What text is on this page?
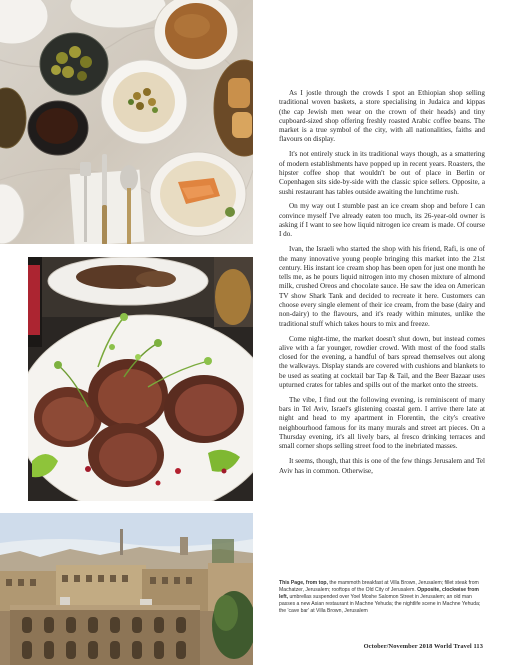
As I jostle through the crowds I spot an Ethiopian shop selling traditional woven baskets, a store specialising in Judaica and kippas (the cap Jewish men wear on the crown of their heads) and tiny cupboard-sized shop offering freshly roasted Arabic coffee beans. The market is a true symbol of the city, with all nationalities, faiths and flavours on display.

It's not entirely stuck in its traditional ways though, as a smattering of modern establishments have popped up in recent years. Roasters, the hipster coffee shop that wouldn't be out of place in Berlin or Copenhagen sits side-by-side with the classic spice sellers. Opposite, a sushi restaurant has tables outside awaiting the lunchtime rush.

On my way out I stumble past an ice cream shop and before I can convince myself I've already eaten too much, its 26-year-old owner is asking if I want to see how liquid nitrogen ice cream is made. Of course I do.

Ivan, the Israeli who started the shop with his friend, Rafi, is one of the many innovative young people bringing this market into the 21st century. His instant ice cream shop has been open for just one month he tells me, as he pours liquid nitrogen into my chosen mixture of almond milk, crushed Oreos and chocolate sauce. He saw the idea on American TV show Shark Tank and decided to recreate it here. Customers can choose every single element of their ice cream, from the base (dairy and non-dairy) to the flavours, and it's ready within minutes, unlike the traditional stuff which takes hours to mix and freeze.

Come night-time, the market doesn't shut down, but instead comes alive with a far younger, rowdier crowd. With most of the food stalls closed for the evening, a handful of bars spread themselves out along the walkways. Display stands are covered with cushions and blankets to be used as seating at cocktail bar Tap & Tail, and the Beer Bazaar uses upturned crates for tables and spills out of the market onto the streets.

The vibe, I find out the following evening, is reminiscent of many bars in Tel Aviv, Israel's glistening coastal gem. I arrive there late at night and head to my apartment in Florentin, the city's creative neighbourhood famous for its many murals and street art pieces. On a Thursday evening, it's all lively bars, al fresco drinking terraces and small corner shops selling street food to the inebriated masses.

It seems, though, that this is one of the few things Jerusalem and Tel Aviv has in common. Otherwise,

This Page, from top, the mammoth breakfast at Villa Brown, Jerusalem; fillet steak from Machatzer, Jerusalem; rooftops of the Old City of Jerusalem. Opposite, clockwise from left, umbrellas suspended over Yoel Moshe Salomon Street in Jerusalem; an old man passes a new Asian restaurant in Machne Yehuda; the nightlife scene in Machne Yehuda; the 'cave bar' at Villa Brown, Jerusalem
October/November 2018 World Travel 113
